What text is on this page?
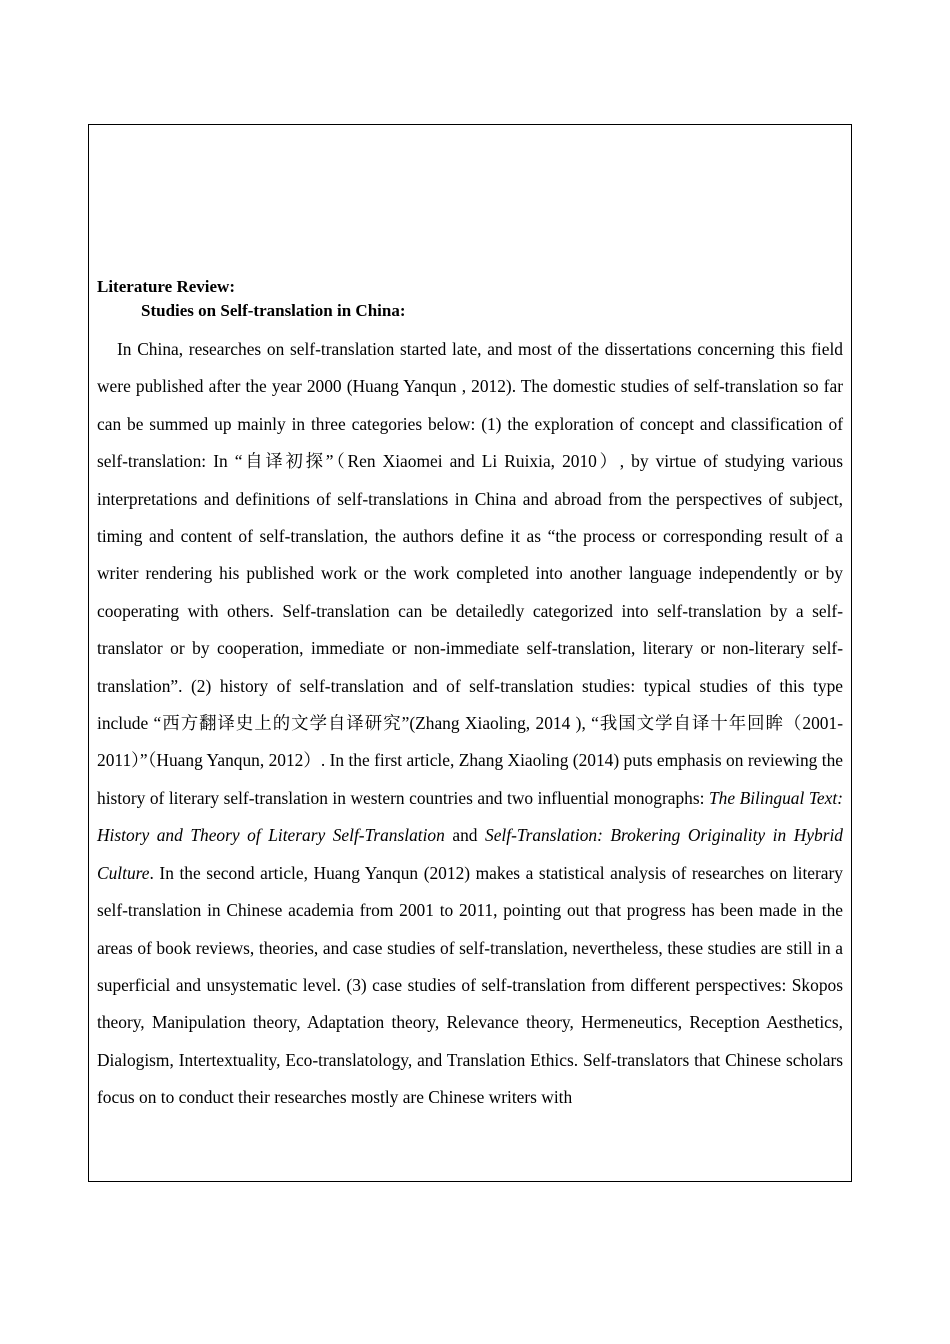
Literature Review:

Studies on Self-translation in China:

In China, researches on self-translation started late, and most of the dissertations concerning this field were published after the year 2000 (Huang Yanqun , 2012). The domestic studies of self-translation so far can be summed up mainly in three categories below: (1) the exploration of concept and classification of self-translation: In “自译初探”（Ren Xiaomei and Li Ruixia, 2010）, by virtue of studying various interpretations and definitions of self-translations in China and abroad from the perspectives of subject, timing and content of self-translation, the authors define it as “the process or corresponding result of a writer rendering his published work or the work completed into another language independently or by cooperating with others. Self-translation can be detailedly categorized into self-translation by a self-translator or by cooperation, immediate or non-immediate self-translation, literary or non-literary self-translation”. (2) history of self-translation and of self-translation studies: typical studies of this type include “西方翻译史上的文学自译研究”(Zhang Xiaoling, 2014 ), “我国文学自译十年回眸（2001-2011）”（Huang Yanqun, 2012）. In the first article, Zhang Xiaoling (2014) puts emphasis on reviewing the history of literary self-translation in western countries and two influential monographs: The Bilingual Text: History and Theory of Literary Self-Translation and Self-Translation: Brokering Originality in Hybrid Culture. In the second article, Huang Yanqun (2012) makes a statistical analysis of researches on literary self-translation in Chinese academia from 2001 to 2011, pointing out that progress has been made in the areas of book reviews, theories, and case studies of self-translation, nevertheless, these studies are still in a superficial and unsystematic level. (3) case studies of self-translation from different perspectives: Skopos theory, Manipulation theory, Adaptation theory, Relevance theory, Hermeneutics, Reception Aesthetics, Dialogism, Intertextuality, Eco-translatology, and Translation Ethics. Self-translators that Chinese scholars focus on to conduct their researches mostly are Chinese writers with
